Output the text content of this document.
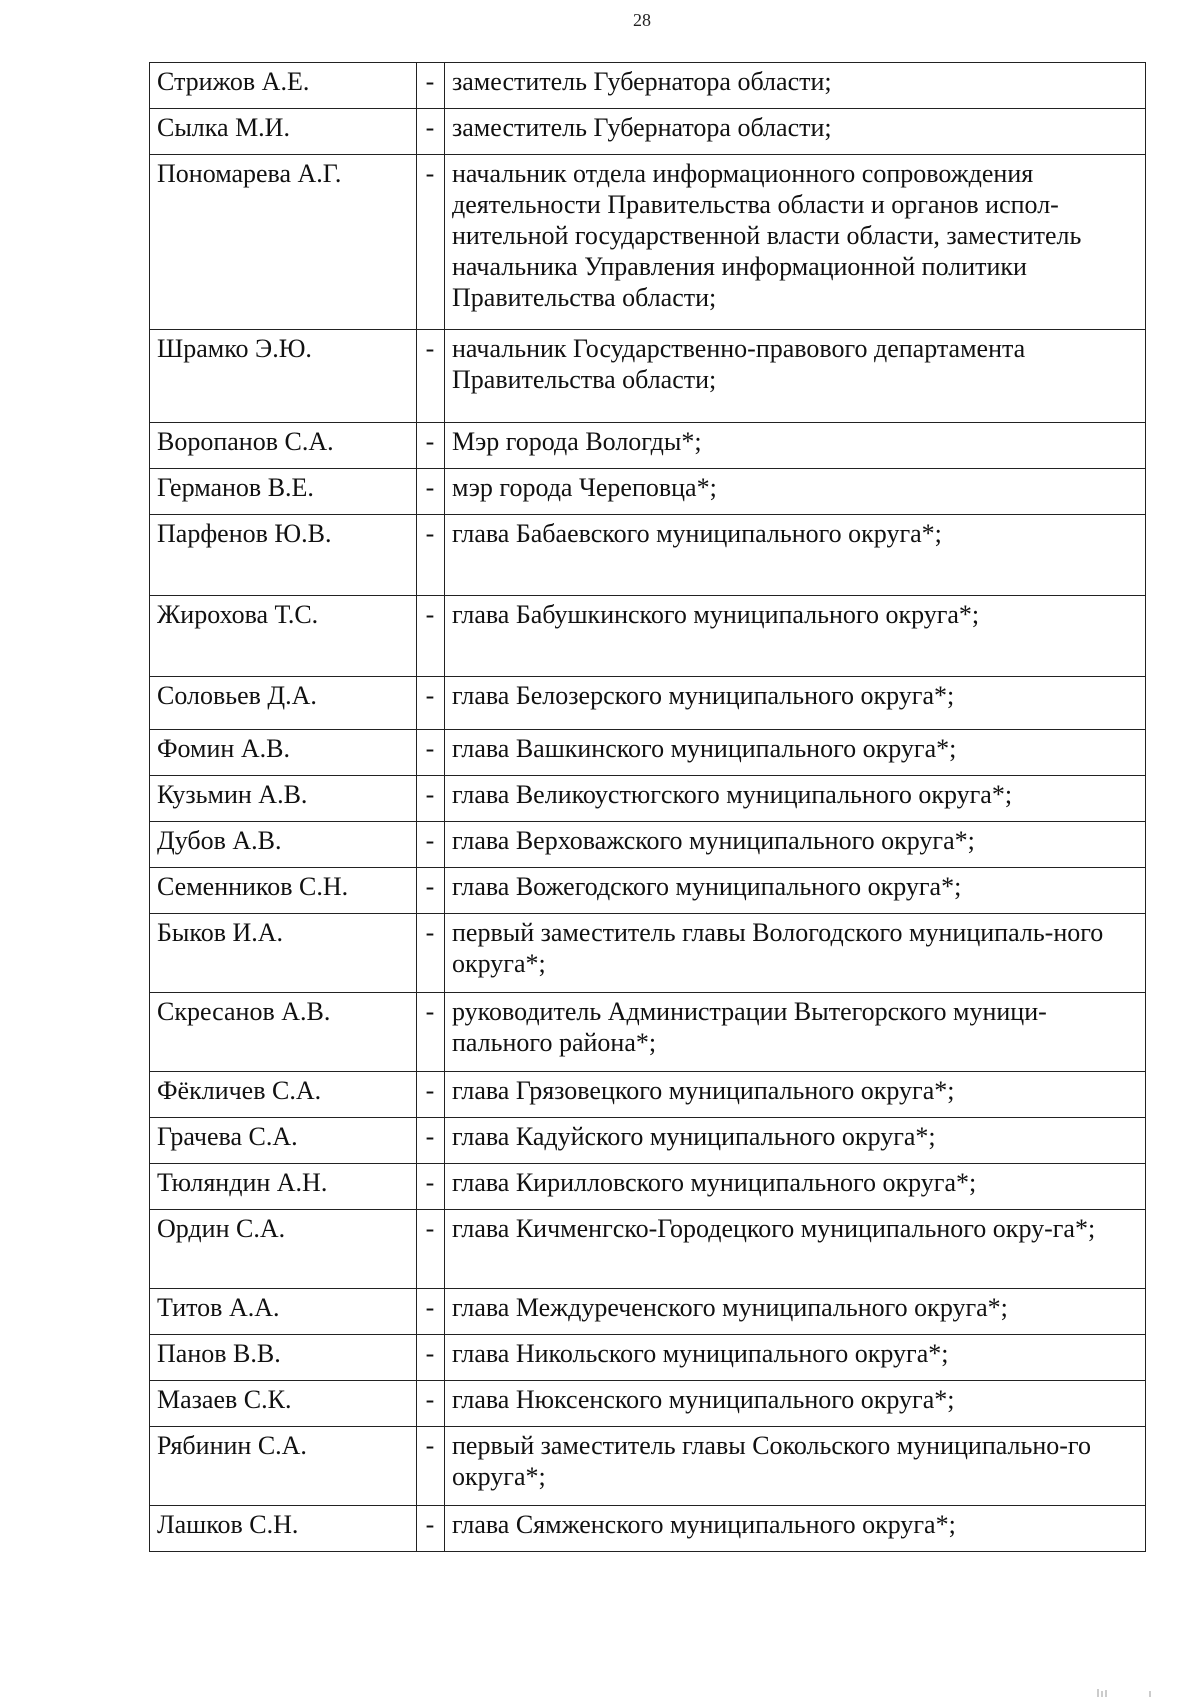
28
Стрижов А.Е.	-	заместитель Губернатора области;
Сылка М.И.	-	заместитель Губернатора области;
Пономарева А.Г.	-	начальник отдела информационного сопровождения деятельности Правительства области и органов испол-нительной государственной власти области, заместитель начальника Управления информационной политики Правительства области;
Шрамко Э.Ю.	-	начальник Государственно-правового департамента Правительства области;
Воропанов С.А.	-	Мэр города Вологды*;
Германов В.Е.	-	мэр города Череповца*;
Парфенов Ю.В.	-	глава Бабаевского муниципального округа*;
Жирохова Т.С.	-	глава Бабушкинского муниципального округа*;
Соловьев Д.А.	-	глава Белозерского муниципального округа*;
Фомин А.В.	-	глава Вашкинского муниципального округа*;
Кузьмин А.В.	-	глава Великоустюгского муниципального округа*;
Дубов А.В.	-	глава Верховажского муниципального округа*;
Семенников С.Н.	-	глава Вожегодского муниципального округа*;
Быков И.А.	-	первый заместитель главы Вологодского муниципаль-ного округа*;
Скресанов А.В.	-	руководитель Администрации Вытегорского муници-пального района*;
Фёкличев С.А.	-	глава Грязовецкого муниципального округа*;
Грачева С.А.	-	глава Кадуйского муниципального округа*;
Тюляндин А.Н.	-	глава Кирилловского муниципального округа*;
Ордин С.А.	-	глава Кичменгско-Городецкого муниципального окру-га*;
Титов А.А.	-	глава Междуреченского муниципального округа*;
Панов В.В.	-	глава Никольского муниципального округа*;
Мазаев С.К.	-	глава Нюксенского муниципального округа*;
Рябинин С.А.	-	первый заместитель главы Сокольского муниципально-го округа*;
Лашков С.Н.	-	глава Сямженского муниципального округа*;
